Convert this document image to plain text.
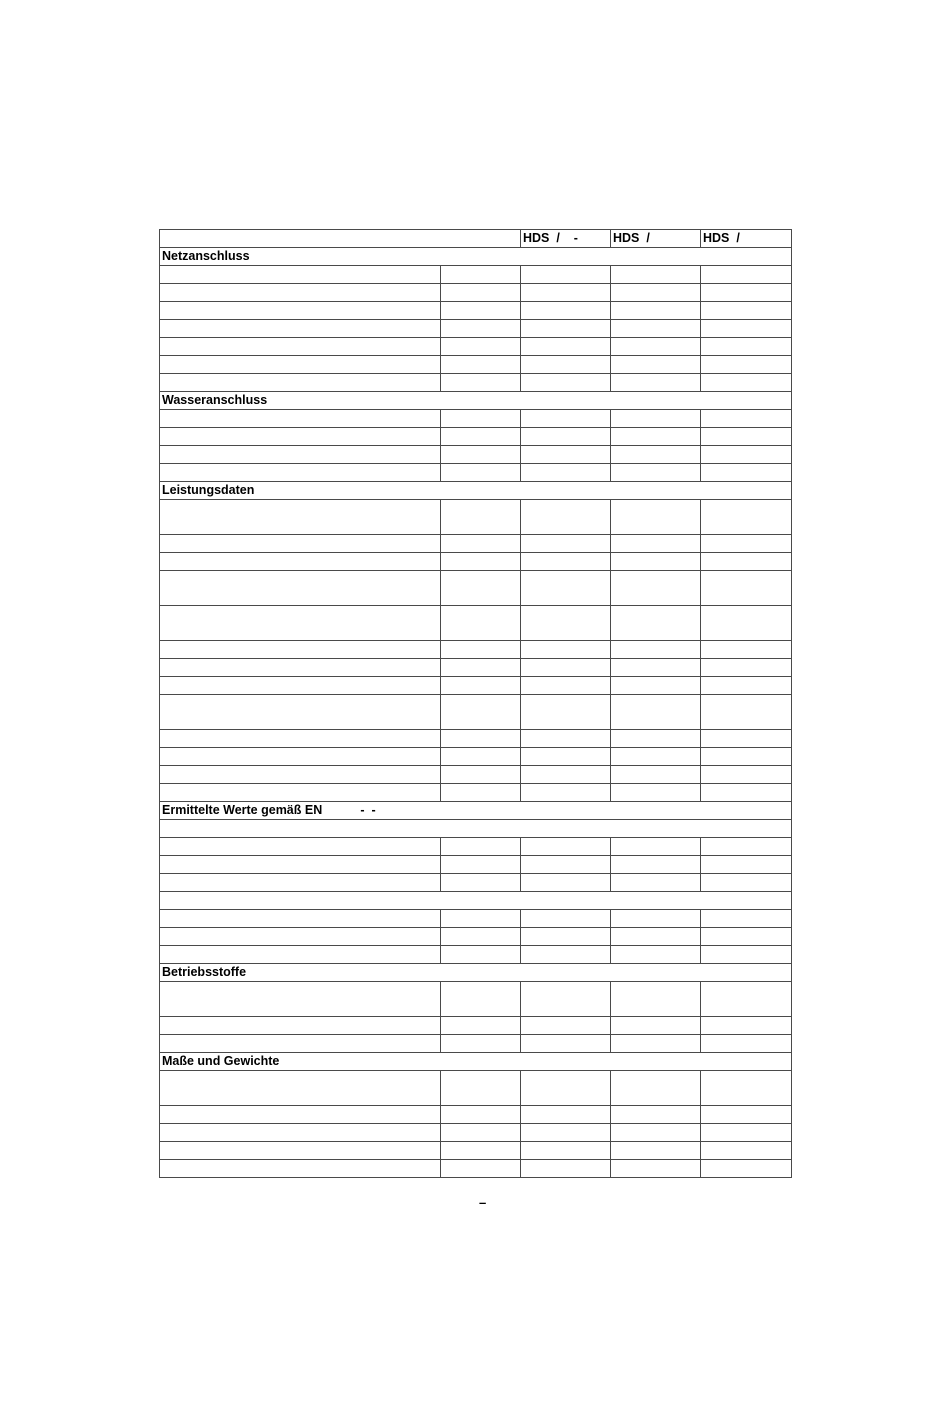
		HDS  /    -	HDS  /	HDS  /
Netzanschluss				

Wasseranschluss				

Leistungsdaten				

Ermittelte Werte gemäß EN           -  -				

Betriebsstoffe				

Maße und Gewichte				

–
